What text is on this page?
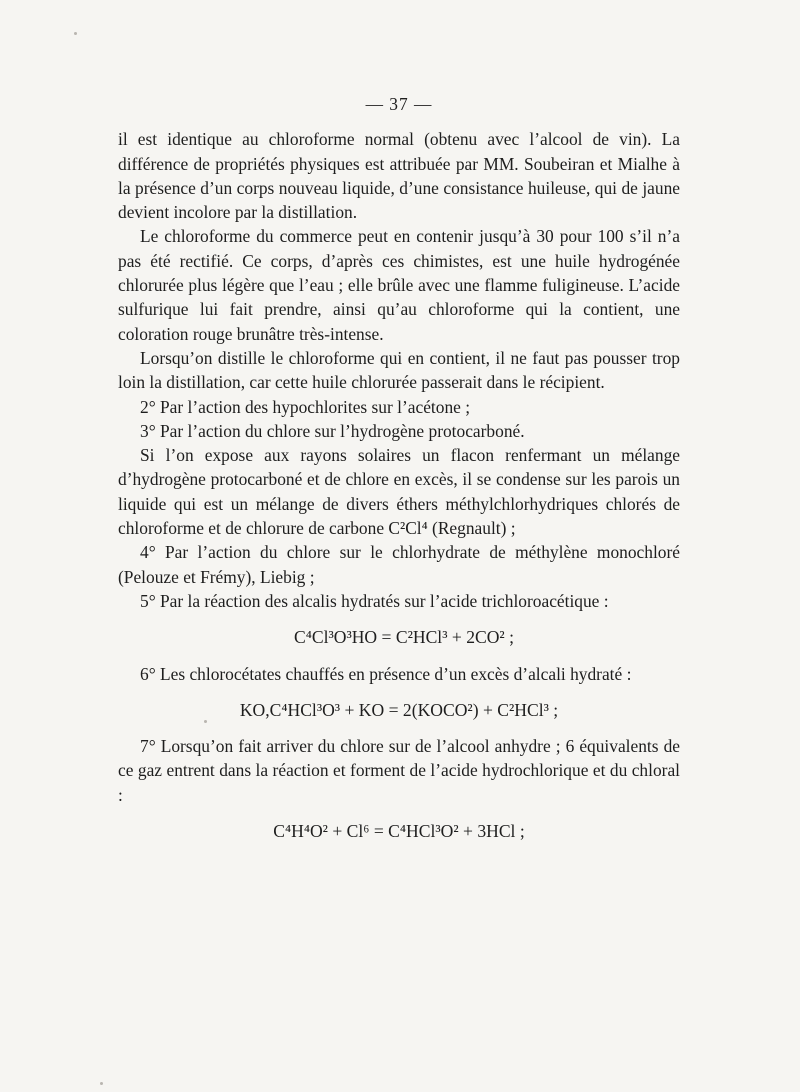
— 37 —

il est identique au chloroforme normal (obtenu avec l’alcool de vin). La différence de propriétés physiques est attribuée par MM. Soubeiran et Mialhe à la présence d’un corps nouveau liquide, d’une consistance huileuse, qui de jaune devient incolore par la distillation.

Le chloroforme du commerce peut en contenir jusqu’à 30 pour 100 s’il n’a pas été rectifié. Ce corps, d’après ces chimistes, est une huile hydrogénée chlorurée plus légère que l’eau ; elle brûle avec une flamme fuligineuse. L’acide sulfurique lui fait prendre, ainsi qu’au chloroforme qui la contient, une coloration rouge brunâtre très-intense.

Lorsqu’on distille le chloroforme qui en contient, il ne faut pas pousser trop loin la distillation, car cette huile chlorurée passerait dans le récipient.

2° Par l’action des hypochlorites sur l’acétone ;

3° Par l’action du chlore sur l’hydrogène protocarboné.

Si l’on expose aux rayons solaires un flacon renfermant un mélange d’hydrogène protocarboné et de chlore en excès, il se condense sur les parois un liquide qui est un mélange de divers éthers méthylchlorhydriques chlorés de chloroforme et de chlorure de carbone C²Cl⁴ (Regnault) ;

4° Par l’action du chlore sur le chlorhydrate de méthylène monochloré (Pelouze et Frémy), Liebig ;

5° Par la réaction des alcalis hydratés sur l’acide trichloroacétique :

C⁴Cl³O³HO = C²HCl³ + 2CO² ;

6° Les chlorocétates chauffés en présence d’un excès d’alcali hydraté :

KO,C⁴HCl³O³ + KO = 2(KOCO²) + C²HCl³ ;

7° Lorsqu’on fait arriver du chlore sur de l’alcool anhydre ; 6 équivalents de ce gaz entrent dans la réaction et forment de l’acide hydrochlorique et du chloral :

C⁴H⁴O² + Cl⁶ = C⁴HCl³O² + 3HCl ;
